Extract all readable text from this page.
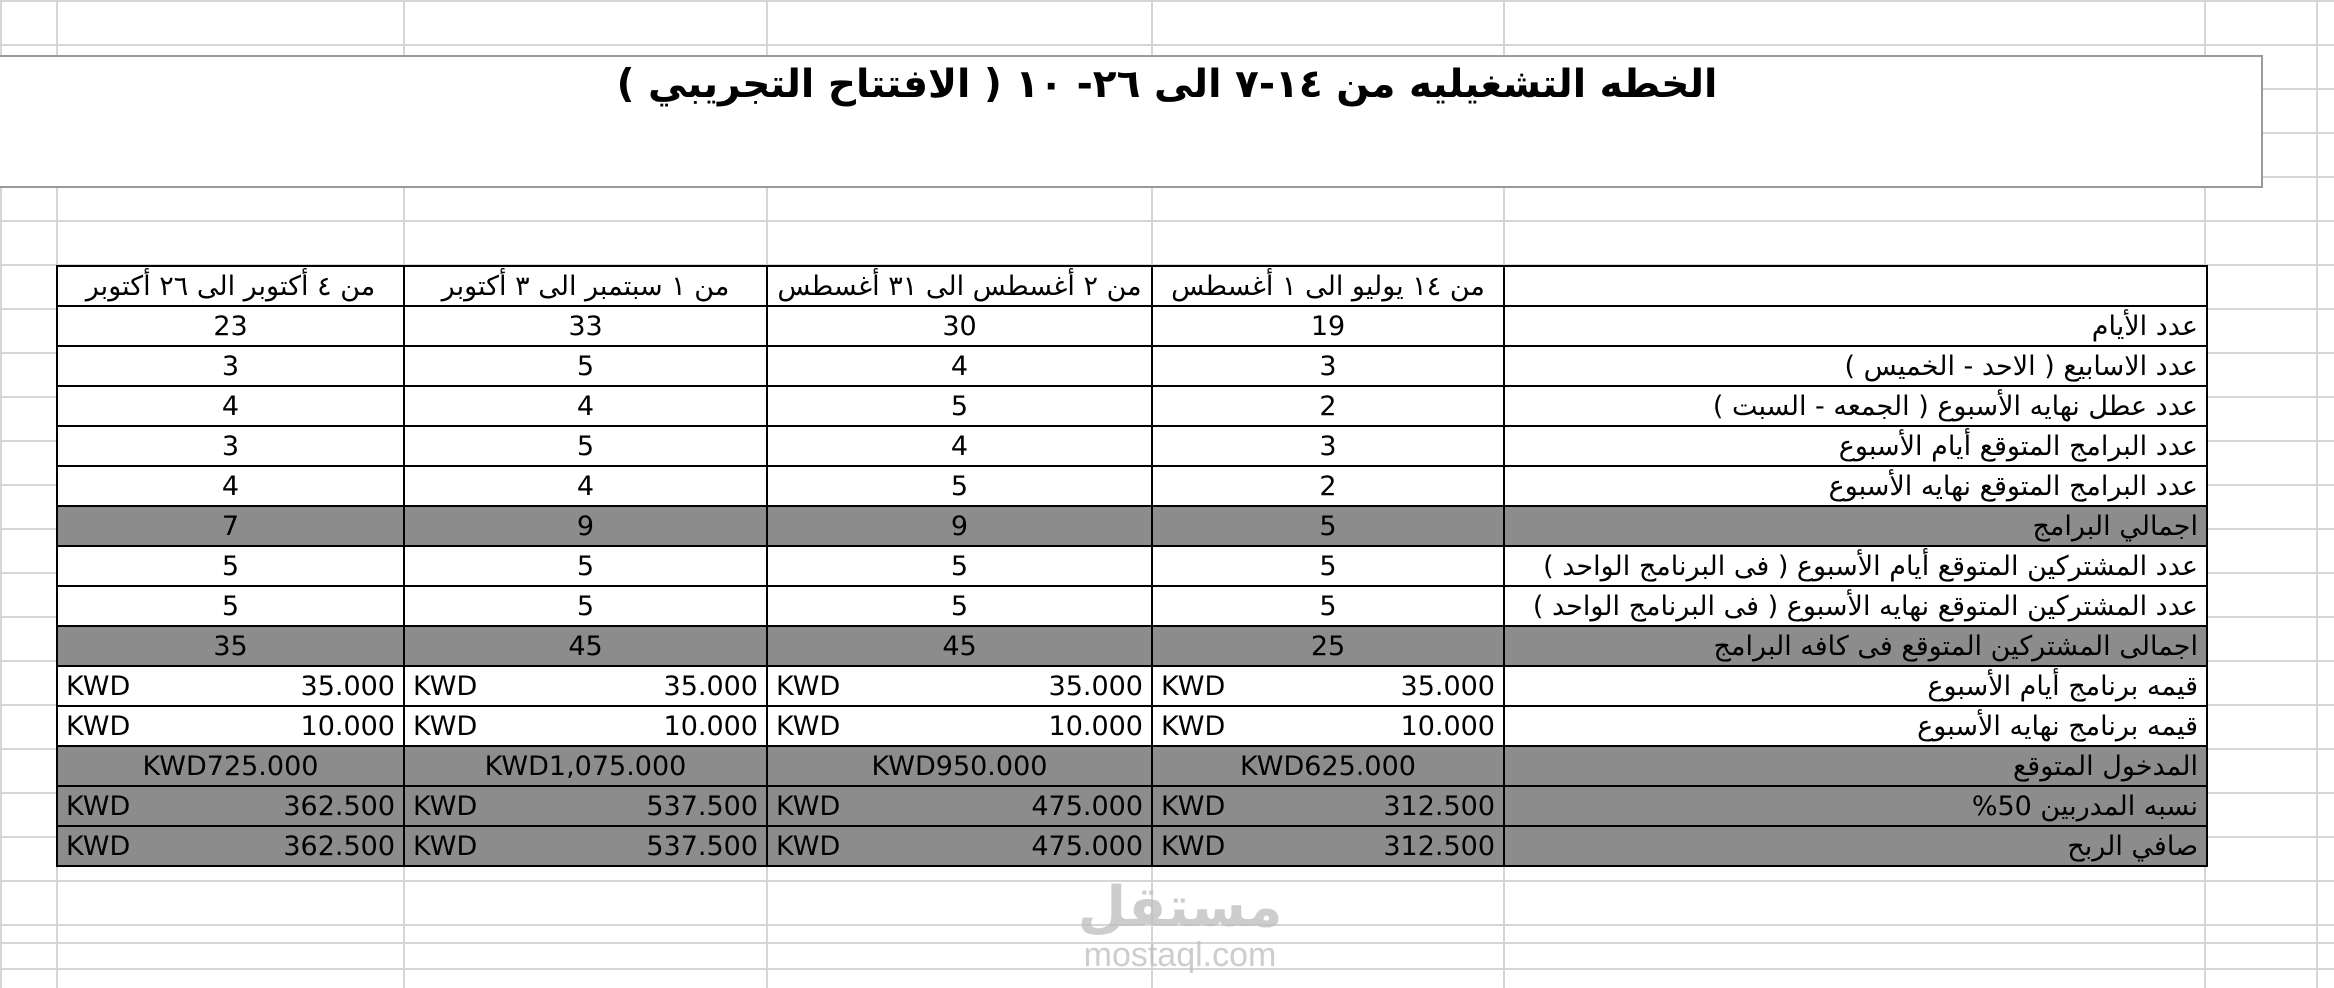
الخطه التشغيليه من ١٤-٧ الى ٢٦- ١٠ ( الافتتاح التجريبي )
من ٤ أكتوبر الى ٢٦ أكتوبر	من ١ سبتمبر الى ٣ أكتوبر	من ٢ أغسطس الى ٣١ أغسطس	من ١٤ يوليو الى ١ أغسطس	
23	33	30	19	عدد الأيام
3	5	4	3	عدد الاسابيع ( الاحد - الخميس )
4	4	5	2	عدد عطل نهايه الأسبوع ( الجمعه - السبت )
3	5	4	3	عدد البرامج المتوقع أيام الأسبوع
4	4	5	2	عدد البرامج المتوقع نهايه الأسبوع
7	9	9	5	اجمالي البرامج
5	5	5	5	عدد المشتركين المتوقع أيام الأسبوع ( فى البرنامج الواحد )
5	5	5	5	عدد المشتركين المتوقع نهايه الأسبوع ( فى البرنامج الواحد )
35	45	45	25	اجمالى المشتركين المتوقع فى كافه البرامج

KWD 35.000	KWD 35.000	KWD 35.000	KWD 35.000	قيمه برنامج أيام الأسبوع

KWD 10.000	KWD 10.000	KWD 10.000	KWD 10.000	قيمه برنامج نهايه الأسبوع
KWD725.000	KWD1,075.000	KWD950.000	KWD625.000	المدخول المتوقع

KWD 362.500	KWD 537.500	KWD 475.000	KWD 312.500	نسبه المدربين 50%

KWD 362.500	KWD 537.500	KWD 475.000	KWD 312.500	صافي الربح
مستقل
mostaql.com
